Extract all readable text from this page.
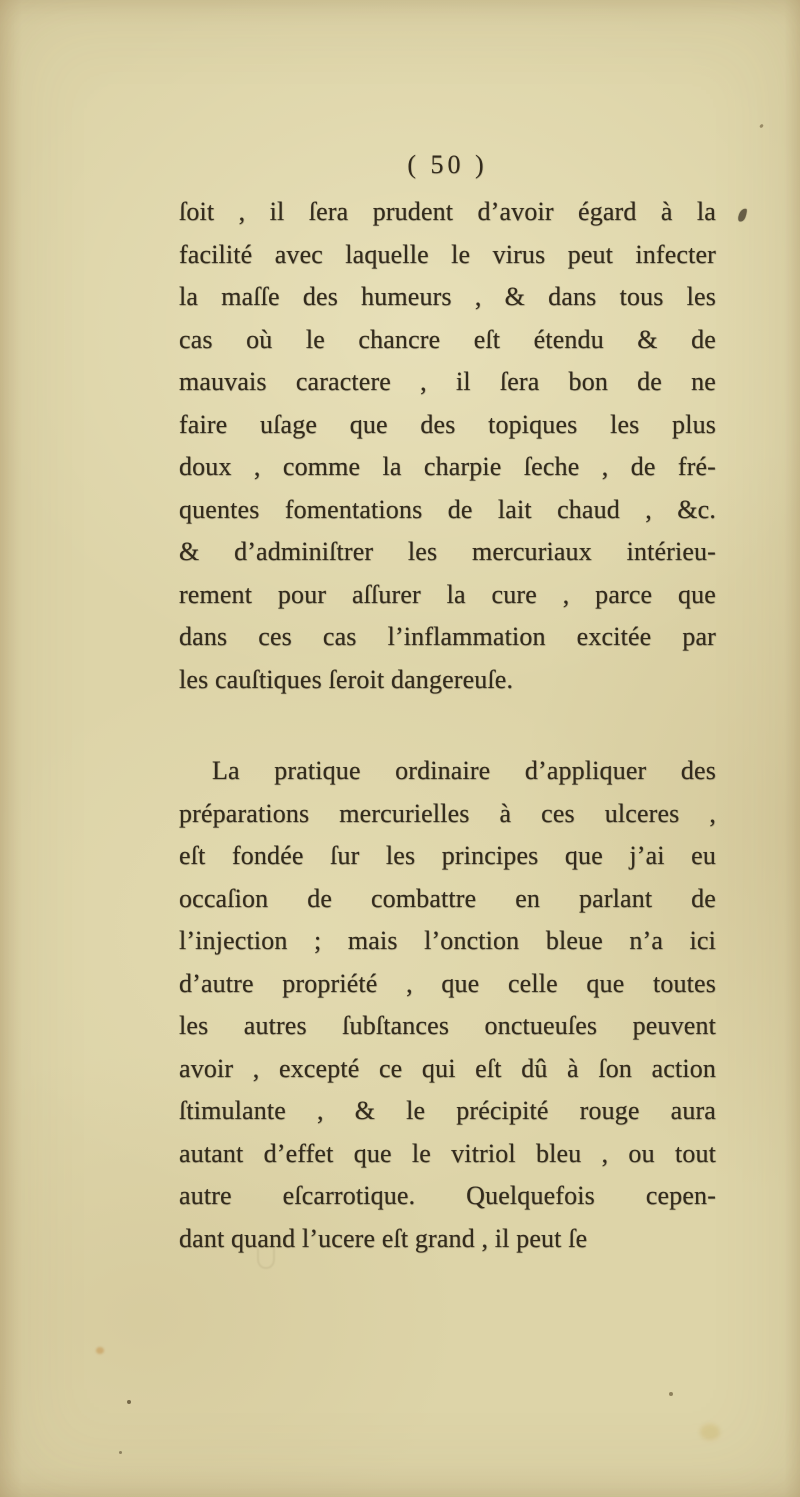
( 50 )
ſoit , il ſera prudent d’avoir égard à la
facilité avec laquelle le virus peut infecter
la maſſe des humeurs , & dans tous les
cas où le chancre eſt étendu & de
mauvais caractere , il ſera bon de ne
faire uſage que des topiques les plus
doux , comme la charpie ſeche , de fré-
quentes fomentations de lait chaud , &c.
& d’adminiſtrer les mercuriaux intérieu-
rement pour aſſurer la cure , parce que
dans ces cas l’inflammation excitée par
les cauſtiques ſeroit dangereuſe.
La pratique ordinaire d’appliquer des
préparations mercurielles à ces ulceres ,
eſt fondée ſur les principes que j’ai eu
occaſion de combattre en parlant de
l’injection ; mais l’onction bleue n’a ici
d’autre propriété , que celle que toutes
les autres ſubſtances onctueuſes peuvent
avoir , excepté ce qui eſt dû à ſon action
ſtimulante , & le précipité rouge aura
autant d’effet que le vitriol bleu , ou tout
autre eſcarrotique. Quelquefois cepen-
dant quand l’ucere eſt grand , il peut ſe
